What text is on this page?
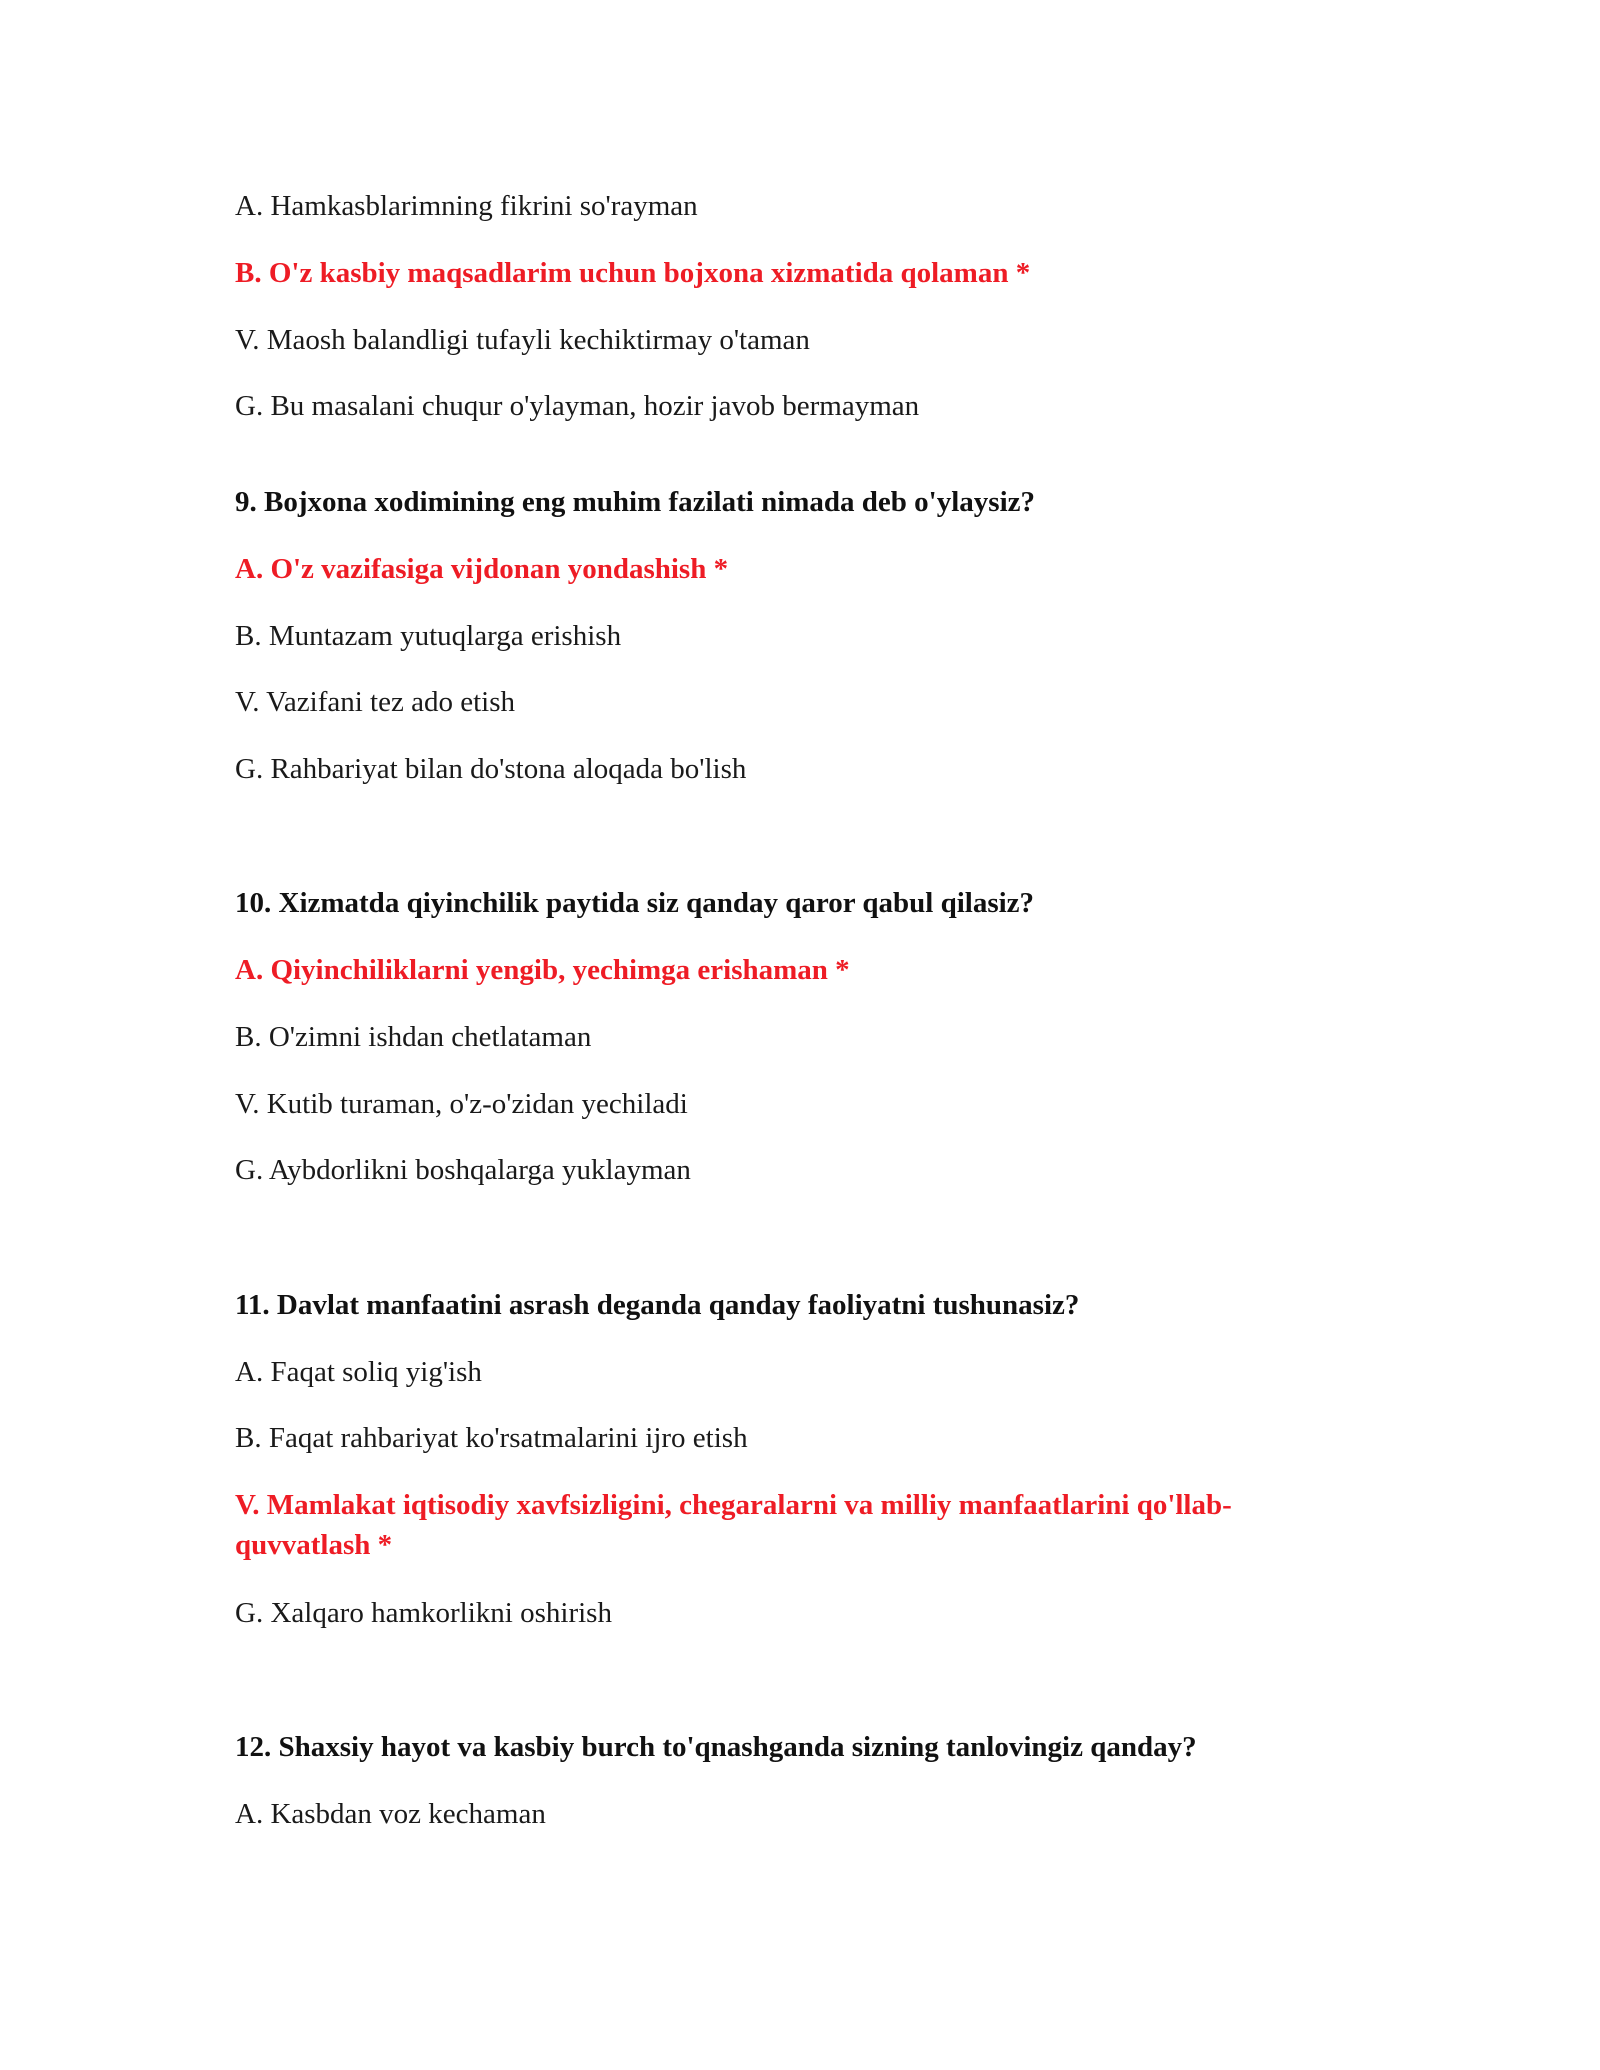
A. Hamkasblarimning fikrini so'rayman
B. O'z kasbiy maqsadlarim uchun bojxona xizmatida qolaman *
V. Maosh balandligi tufayli kechiktirmay o'taman
G. Bu masalani chuqur o'ylayman, hozir javob bermayman
9. Bojxona xodimining eng muhim fazilati nimada deb o'ylaysiz?
A. O'z vazifasiga vijdonan yondashish *
B. Muntazam yutuqlarga erishish
V. Vazifani tez ado etish
G. Rahbariyat bilan do'stona aloqada bo'lish
10. Xizmatda qiyinchilik paytida siz qanday qaror qabul qilasiz?
A. Qiyinchiliklarni yengib, yechimga erishaman *
B. O'zimni ishdan chetlataman
V. Kutib turaman, o'z-o'zidan yechiladi
G. Aybdorlikni boshqalarga yuklayman
11. Davlat manfaatini asrash deganda qanday faoliyatni tushunasiz?
A. Faqat soliq yig'ish
B. Faqat rahbariyat ko'rsatmalarini ijro etish
V. Mamlakat iqtisodiy xavfsizligini, chegaralarni va milliy manfaatlarini qo'llab-quvvatlash *
G. Xalqaro hamkorlikni oshirish
12. Shaxsiy hayot va kasbiy burch to'qnashganda sizning tanlovingiz qanday?
A. Kasbdan voz kechaman
